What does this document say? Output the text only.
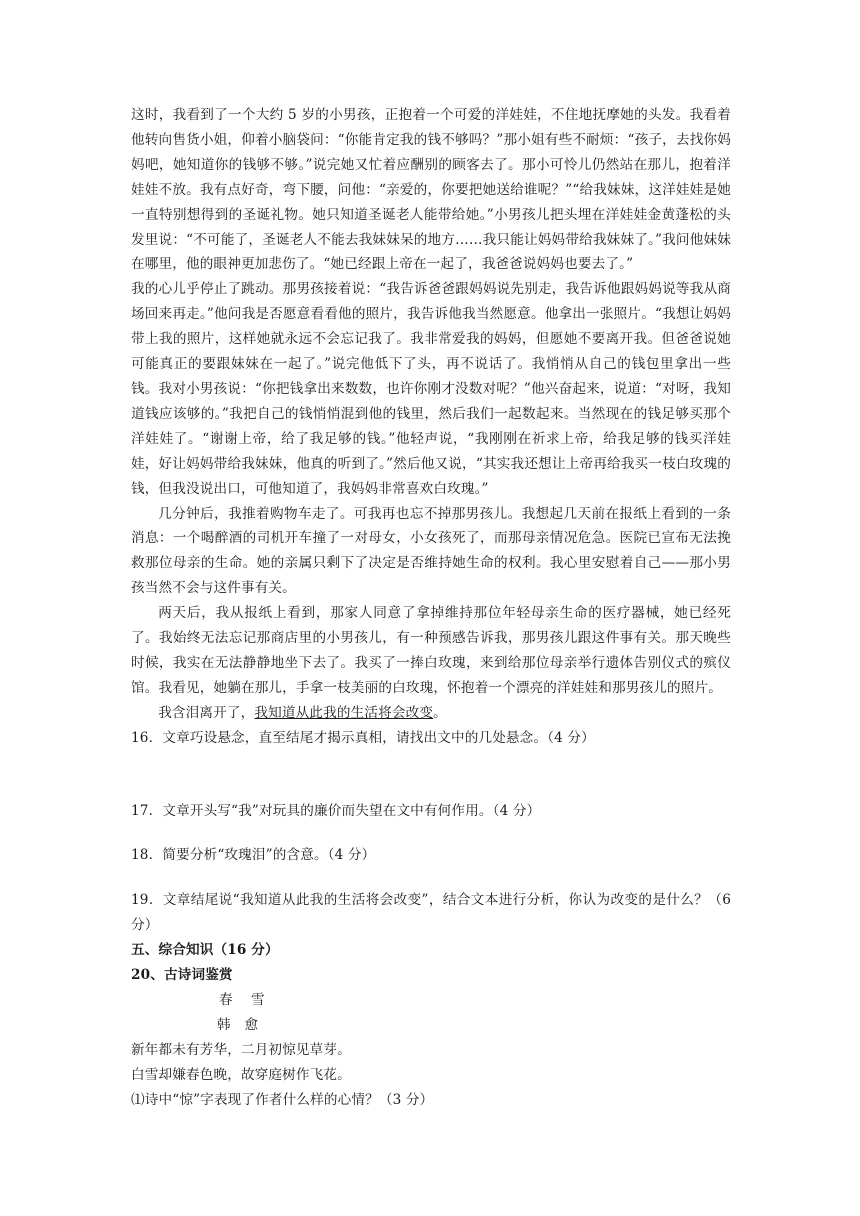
这时，我看到了一个大约 5 岁的小男孩，正抱着一个可爱的洋娃娃，不住地抚摩她的头发。我看着他转向售货小姐，仰着小脑袋问：“你能肯定我的钱不够吗？”那小姐有些不耐烦：“孩子，去找你妈妈吧，她知道你的钱够不够。”说完她又忙着应酬别的顾客去了。那小可怜儿仍然站在那儿，抱着洋娃娃不放。我有点好奇，弯下腰，问他：“亲爱的，你要把她送给谁呢？”“给我妹妹，这洋娃娃是她一直特别想得到的圣诞礼物。她只知道圣诞老人能带给她。”小男孩儿把头埋在洋娃娃金黄蓬松的头发里说：“不可能了，圣诞老人不能去我妹妹呆的地方……我只能让妈妈带给我妹妹了。”我问他妹妹在哪里，他的眼神更加悲伤了。“她已经跟上帝在一起了，我爸爸说妈妈也要去了。”

我的心儿乎停止了跳动。那男孩接着说：“我告诉爸爸跟妈妈说先别走，我告诉他跟妈妈说等我从商场回来再走。”他问我是否愿意看看他的照片，我告诉他我当然愿意。他拿出一张照片。“我想让妈妈带上我的照片，这样她就永远不会忘记我了。我非常爱我的妈妈，但愿她不要离开我。但爸爸说她可能真正的要跟妹妹在一起了。”说完他低下了头，再不说话了。我悄悄从自己的钱包里拿出一些钱。我对小男孩说：“你把钱拿出来数数，也许你刚才没数对呢？”他兴奋起来，说道：“对呀，我知道钱应该够的。”我把自己的钱悄悄混到他的钱里，然后我们一起数起来。当然现在的钱足够买那个洋娃娃了。“谢谢上帝，给了我足够的钱。”他轻声说，“我刚刚在祈求上帝，给我足够的钱买洋娃娃，好让妈妈带给我妹妹，他真的听到了。”然后他又说，“其实我还想让上帝再给我买一枝白玫瑰的钱，但我没说出口，可他知道了，我妈妈非常喜欢白玫瑰。”

几分钟后，我推着购物车走了。可我再也忘不掉那男孩儿。我想起几天前在报纸上看到的一条消息：一个喝醉酒的司机开车撞了一对母女，小女孩死了，而那母亲情况危急。医院已宣布无法挽救那位母亲的生命。她的亲属只剩下了决定是否维持她生命的权利。我心里安慰着自己——那小男孩当然不会与这件事有关。

两天后，我从报纸上看到，那家人同意了拿掉维持那位年轻母亲生命的医疗器械，她已经死了。我始终无法忘记那商店里的小男孩儿，有一种预感告诉我，那男孩儿跟这件事有关。那天晚些时候，我实在无法静静地坐下去了。我买了一捧白玫瑰，来到给那位母亲举行遗体告别仪式的殡仪馆。我看见，她躺在那儿，手拿一枝美丽的白玫瑰，怀抱着一个漂亮的洋娃娃和那男孩儿的照片。

我含泪离开了，我知道从此我的生活将会改变。

16．文章巧设悬念，直至结尾才揭示真相，请找出文中的几处悬念。（4 分）

17．文章开头写“我”对玩具的廉价而失望在文中有何作用。（4 分）

18．简要分析“玫瑰泪”的含意。（4 分）

19．文章结尾说“我知道从此我的生活将会改变”，结合文本进行分析，你认为改变的是什么？（6 分）

五、综合知识（16 分）

20、古诗词鉴赏

春　 雪

韩　愈

新年都未有芳华，二月初惊见草芽。

白雪却嫌春色晚，故穿庭树作飞花。

⑴诗中“惊”字表现了作者什么样的心情？（3 分）
